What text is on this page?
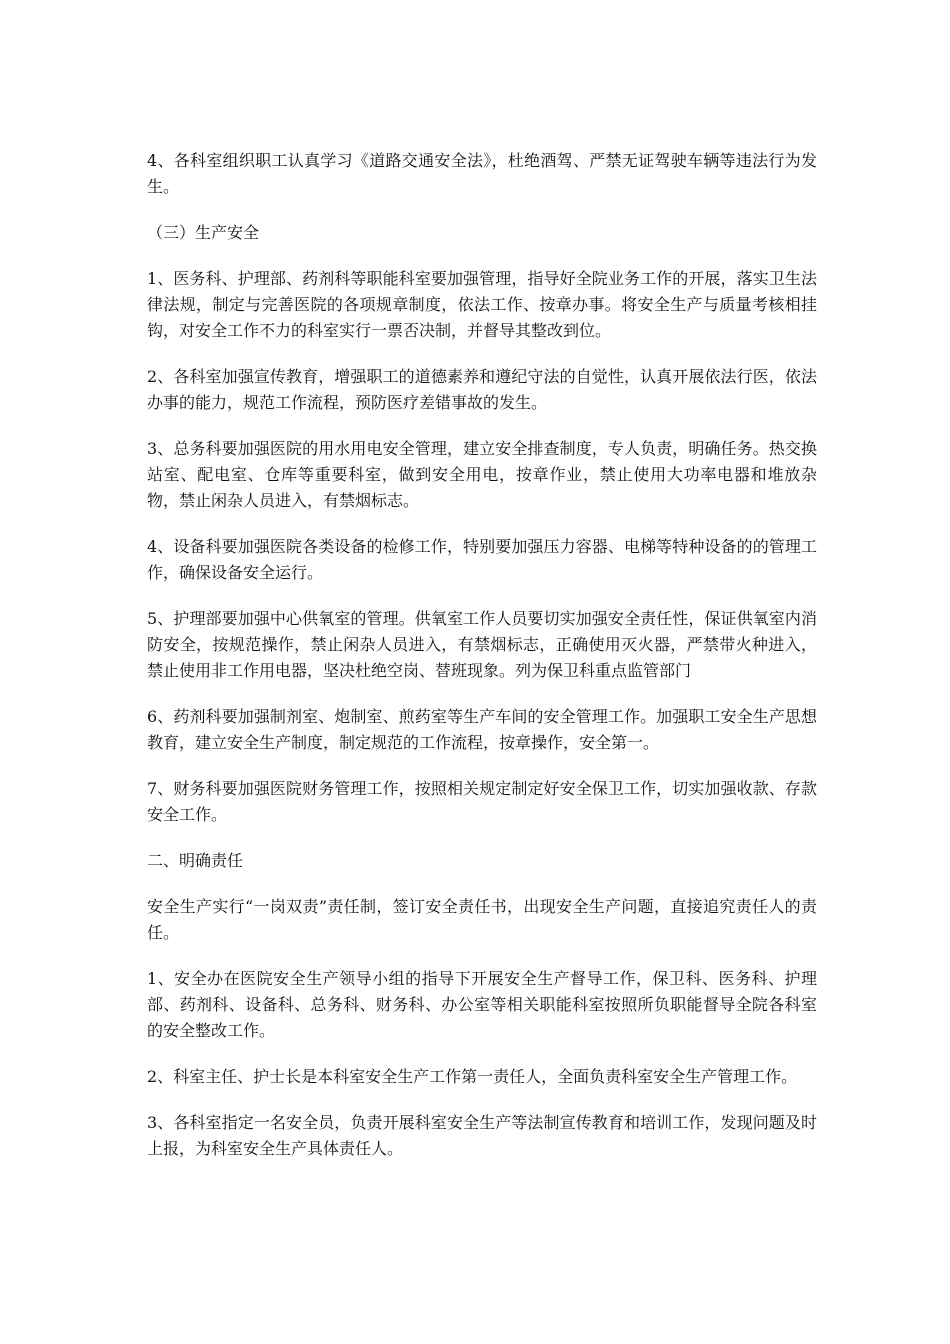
4、各科室组织职工认真学习《道路交通安全法》，杜绝酒驾、严禁无证驾驶车辆等违法行为发生。

（三）生产安全

1、医务科、护理部、药剂科等职能科室要加强管理，指导好全院业务工作的开展，落实卫生法律法规，制定与完善医院的各项规章制度，依法工作、按章办事。将安全生产与质量考核相挂钩，对安全工作不力的科室实行一票否决制，并督导其整改到位。

2、各科室加强宣传教育，增强职工的道德素养和遵纪守法的自觉性，认真开展依法行医，依法办事的能力，规范工作流程，预防医疗差错事故的发生。

3、总务科要加强医院的用水用电安全管理，建立安全排查制度，专人负责，明确任务。热交换站室、配电室、仓库等重要科室，做到安全用电，按章作业，禁止使用大功率电器和堆放杂物，禁止闲杂人员进入，有禁烟标志。

4、设备科要加强医院各类设备的检修工作，特别要加强压力容器、电梯等特种设备的的管理工作，确保设备安全运行。

5、护理部要加强中心供氧室的管理。供氧室工作人员要切实加强安全责任性，保证供氧室内消防安全，按规范操作，禁止闲杂人员进入，有禁烟标志，正确使用灭火器，严禁带火种进入，禁止使用非工作用电器，坚决杜绝空岗、替班现象。列为保卫科重点监管部门

6、药剂科要加强制剂室、炮制室、煎药室等生产车间的安全管理工作。加强职工安全生产思想教育，建立安全生产制度，制定规范的工作流程，按章操作，安全第一。

7、财务科要加强医院财务管理工作，按照相关规定制定好安全保卫工作，切实加强收款、存款安全工作。

二、明确责任

安全生产实行“一岗双责”责任制，签订安全责任书，出现安全生产问题，直接追究责任人的责任。

1、安全办在医院安全生产领导小组的指导下开展安全生产督导工作，保卫科、医务科、护理部、药剂科、设备科、总务科、财务科、办公室等相关职能科室按照所负职能督导全院各科室的安全整改工作。

2、科室主任、护士长是本科室安全生产工作第一责任人，全面负责科室安全生产管理工作。

3、各科室指定一名安全员，负责开展科室安全生产等法制宣传教育和培训工作，发现问题及时上报，为科室安全生产具体责任人。
